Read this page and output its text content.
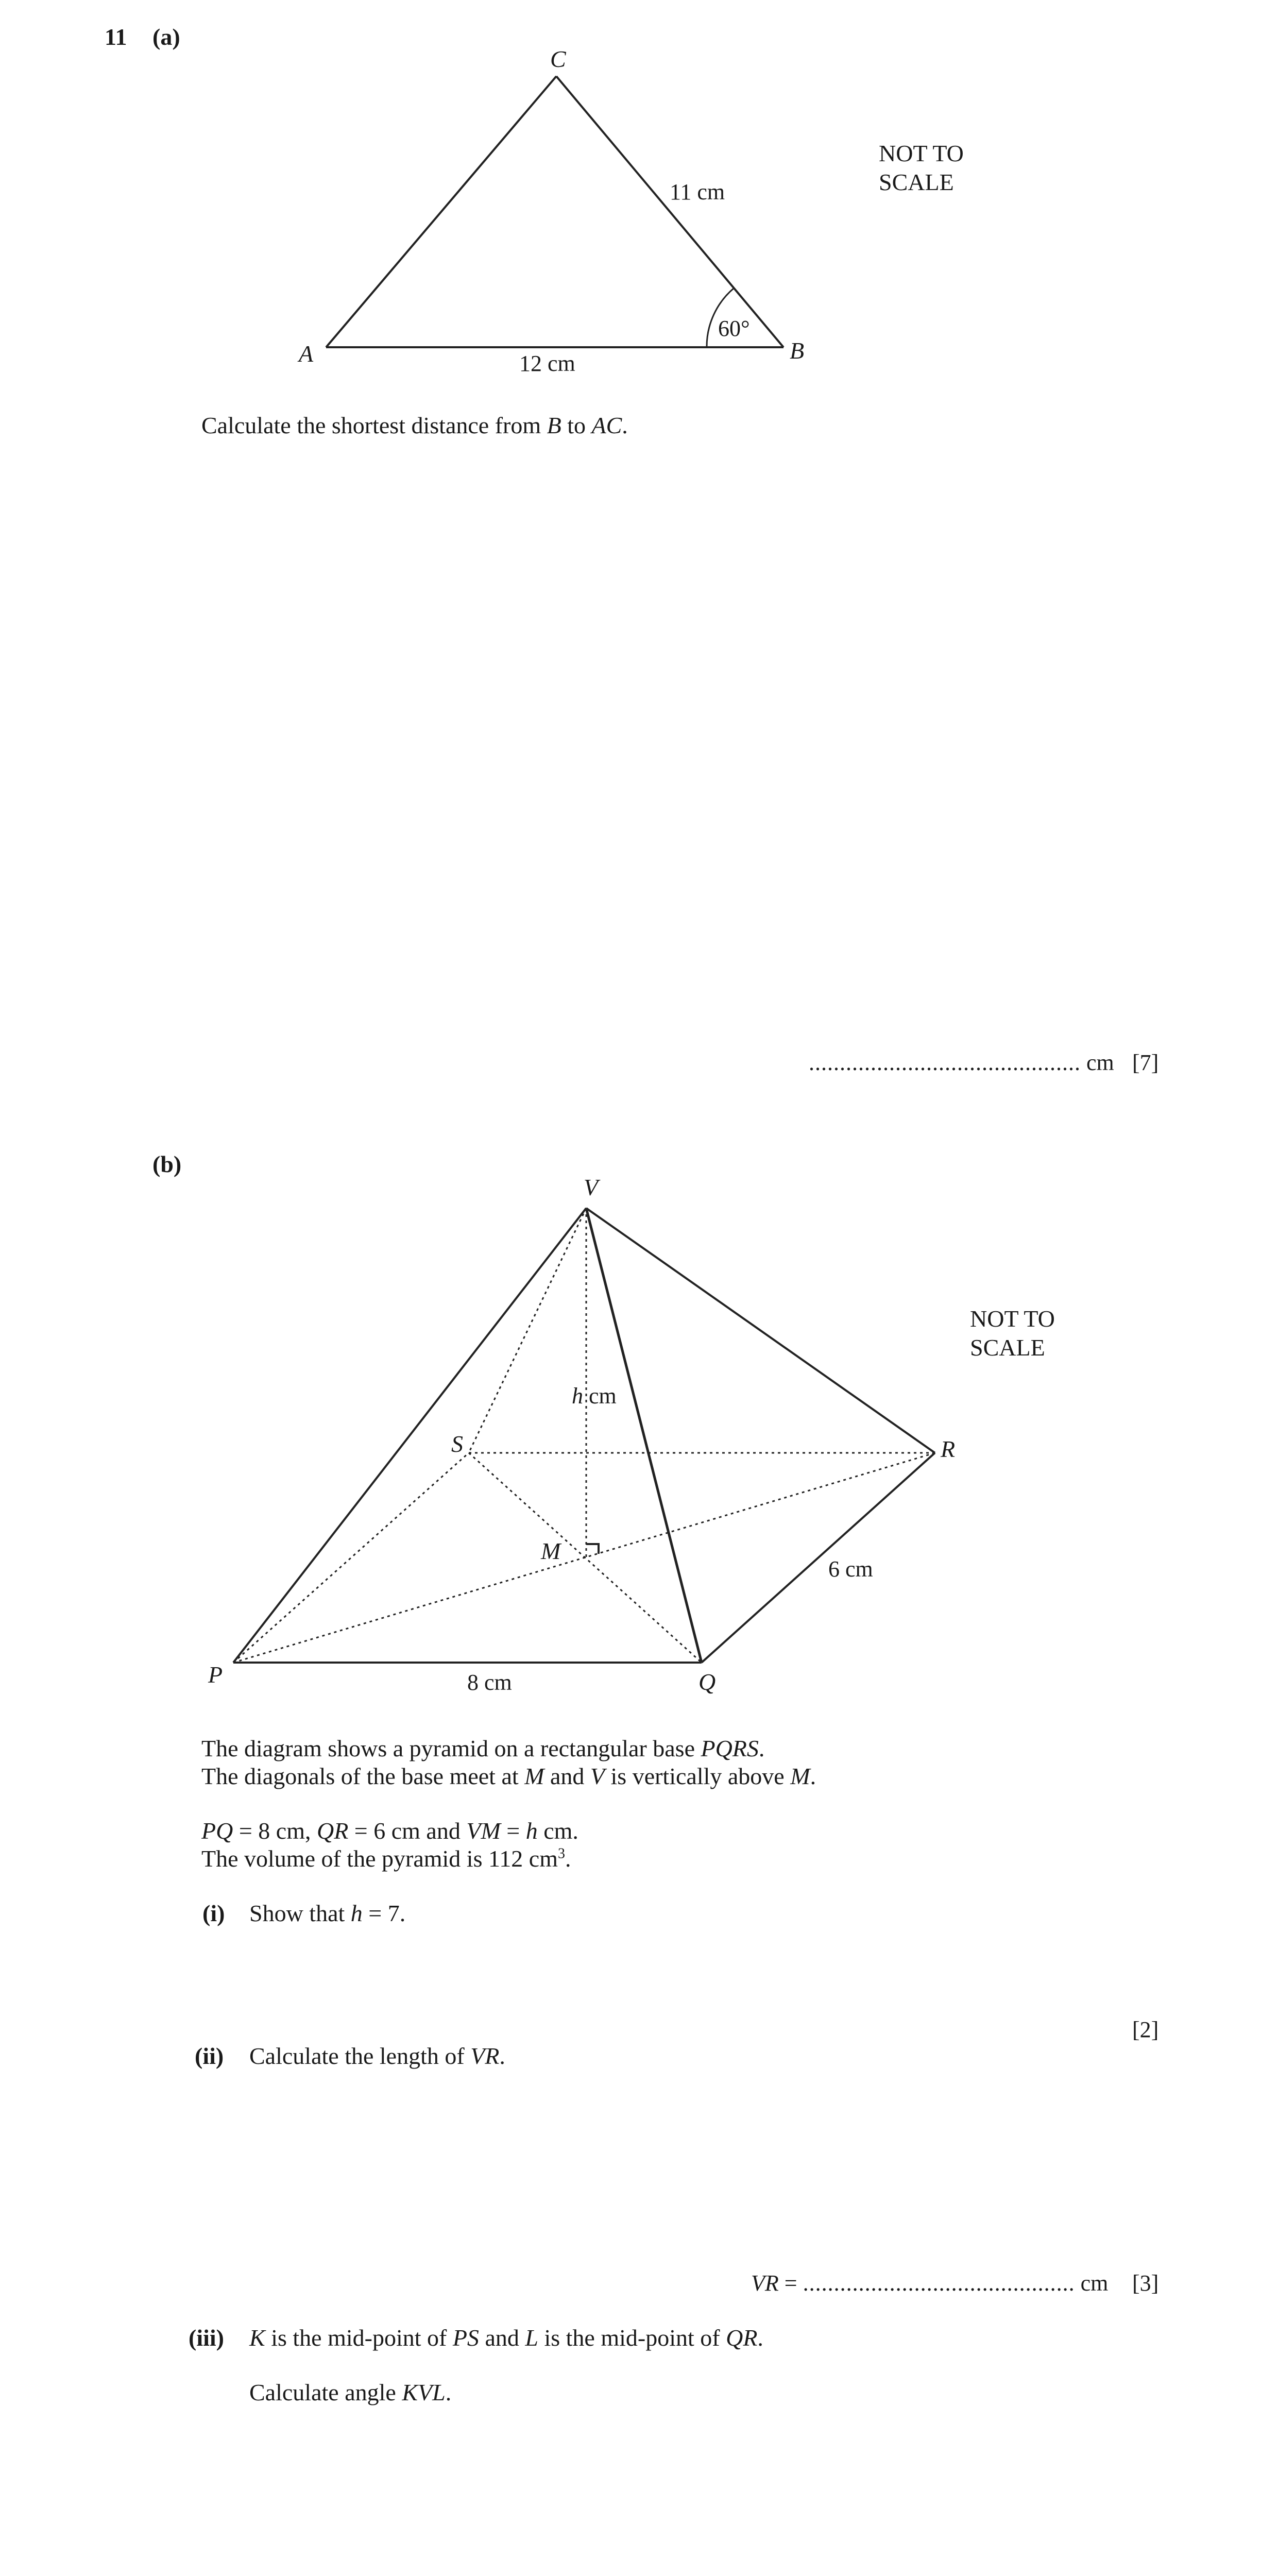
11 (a)
C
A	B
11 cm
12 cm
60°
NOT TO
SCALE
Calculate the shortest distance from B to AC.
............................................ cm [7]
(b)
V
S	R
M
P	Q
h cm
6 cm
8 cm
NOT TO
SCALE
The diagram shows a pyramid on a rectangular base PQRS.
The diagonals of the base meet at M and V is vertically above M.
PQ = 8 cm, QR = 6 cm and VM = h cm.
The volume of the pyramid is 112 $cm^3$.
(i) Show that h = 7.
[2]
(ii) Calculate the length of VR.
VR = ............................................ cm [3]
(iii) K is the mid-point of PS and L is the mid-point of QR.
Calculate angle KVL.
